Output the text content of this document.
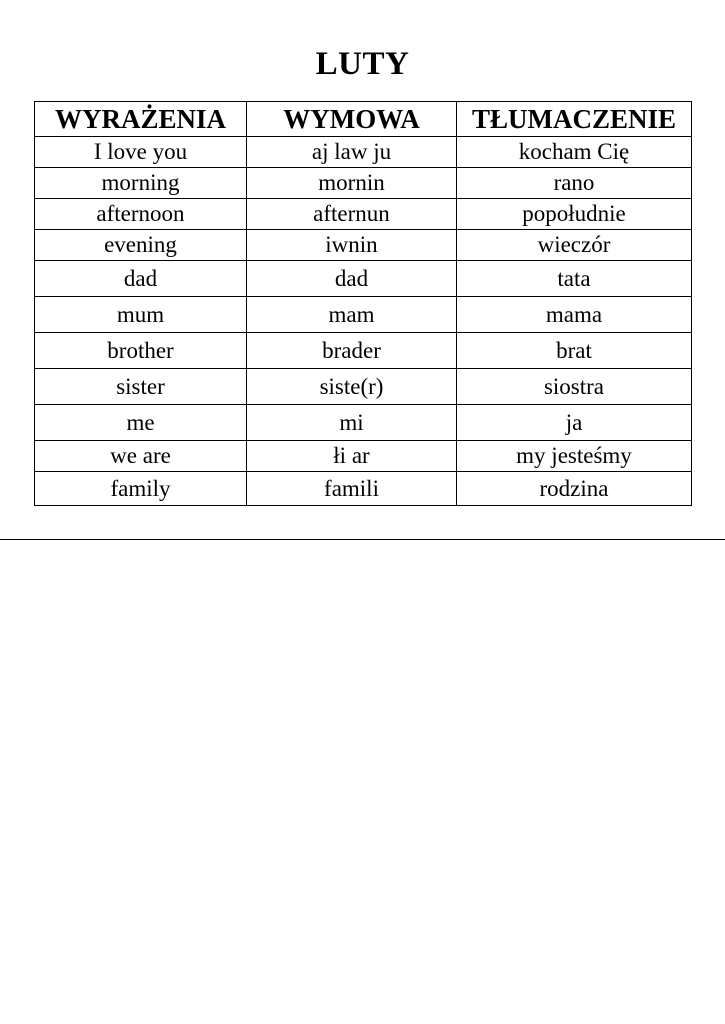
LUTY
WYRAŻENIA	WYMOWA	TŁUMACZENIE
I love you	aj law ju	kocham Cię
morning	mornin	rano
afternoon	afternun	popołudnie
evening	iwnin	wieczór
dad	dad	tata
mum	mam	mama
brother	brader	brat
sister	siste(r)	siostra
me	mi	ja
we are	łi ar	my jesteśmy
family	famili	rodzina
